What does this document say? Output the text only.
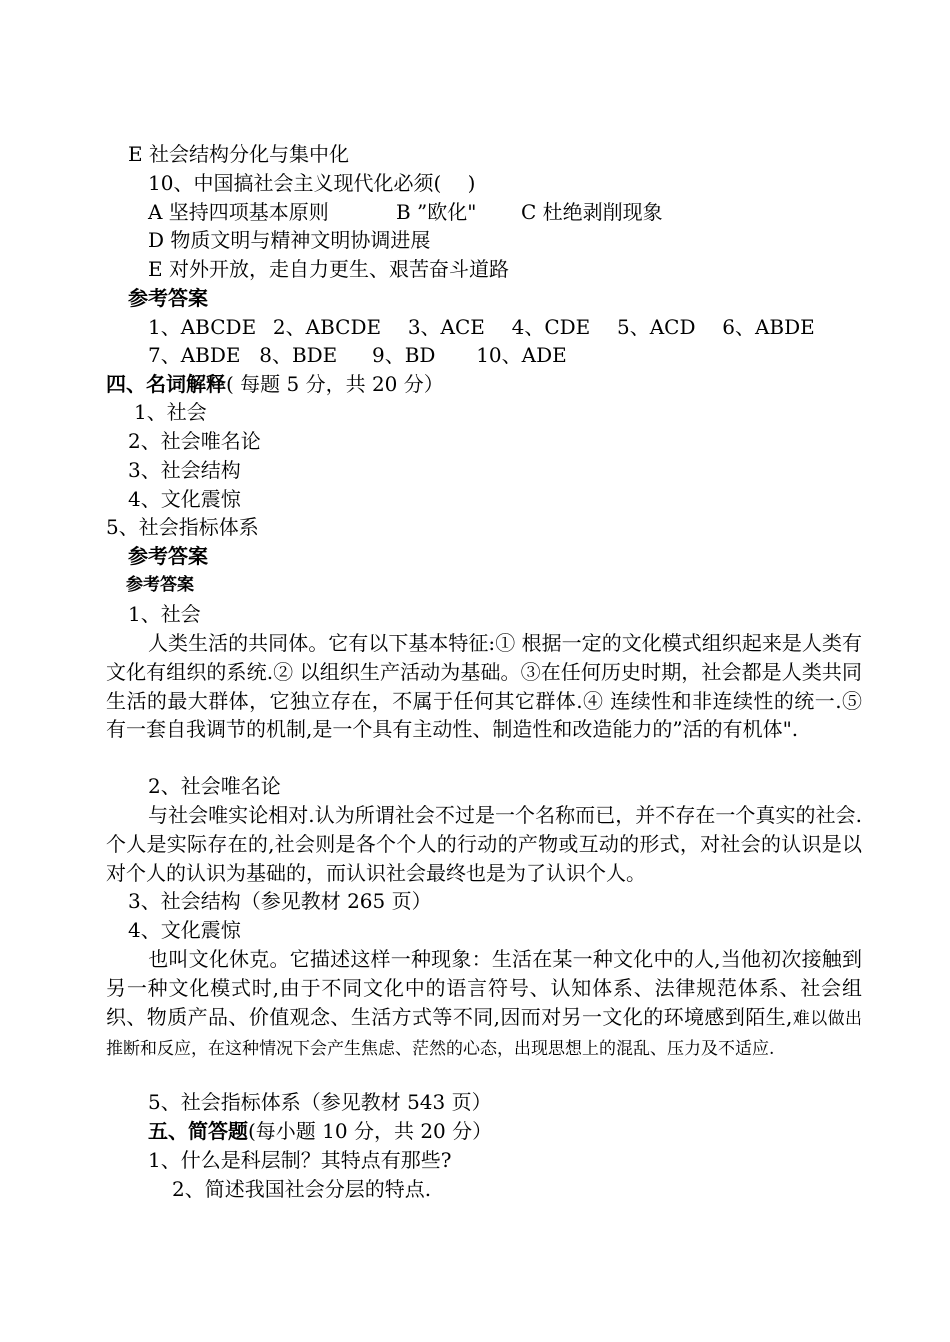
E 社会结构分化与集中化
10、中国搞社会主义现代化必须(　 )
A 坚持四项基本原则	B ”欧化" C 杜绝剥削现象
D 物质文明与精神文明协调进展
E 对外开放，走自力更生、艰苦奋斗道路
参考答案
1、ABCDE 2、ABCDE 3、ACE 4、CDE 5、ACD 6、ABDE
7、ABDE 8、BDE 9、BD 10、ADE
四、名词解释( 每题 5 分，共 20 分）
1、社会
2、社会唯名论
3、社会结构
4、文化震惊
5、社会指标体系
参考答案
参考答案
1、社会
人类生活的共同体。它有以下基本特征:① 根据一定的文化模式组织起来是人类有文化有组织的系统.② 以组织生产活动为基础。③在任何历史时期，社会都是人类共同生活的最大群体，它独立存在，不属于任何其它群体.④ 连续性和非连续性的统一.⑤ 有一套自我调节的机制,是一个具有主动性、制造性和改造能力的”活的有机体".
2、社会唯名论
与社会唯实论相对.认为所谓社会不过是一个名称而已，并不存在一个真实的社会.个人是实际存在的,社会则是各个个人的行动的产物或互动的形式，对社会的认识是以对个人的认识为基础的，而认识社会最终也是为了认识个人。
3、社会结构（参见教材 265 页）
4、文化震惊
也叫文化休克。它描述这样一种现象：生活在某一种文化中的人,当他初次接触到另一种文化模式时,由于不同文化中的语言符号、认知体系、法律规范体系、社会组织、物质产品、价值观念、生活方式等不同,因而对另一文化的环境感到陌生,难以做出推断和反应，在这种情况下会产生焦虑、茫然的心态，出现思想上的混乱、压力及不适应.
5、社会指标体系（参见教材 543 页）
五、简答题(每小题 10 分，共 20 分）
1、什么是科层制？其特点有那些?
2、简述我国社会分层的特点.
